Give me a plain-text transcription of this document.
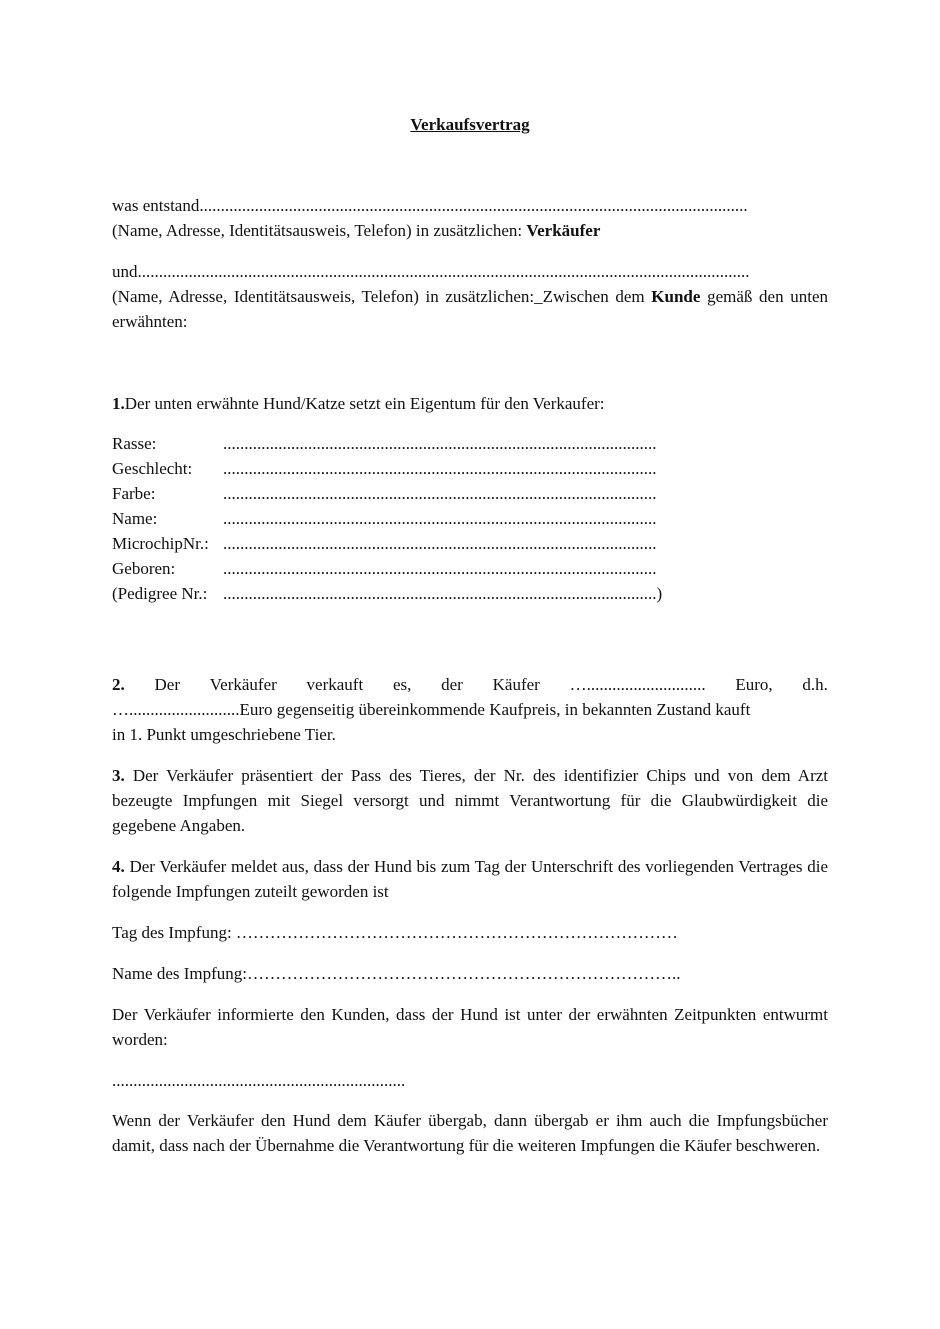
Verkaufsvertrag
was entstand.................................................................................................................................
(Name, Adresse, Identitätsausweis, Telefon) in zusätzlichen: Verkäufer
und................................................................................................................................................
(Name, Adresse, Identitätsausweis, Telefon) in zusätzlichen:_Zwischen dem Kunde gemäß den unten erwähnten:
1.Der unten erwähnte Hund/Katze setzt ein Eigentum für den Verkaufer:
Rasse:	......................................................................................................
Geschlecht:	......................................................................................................
Farbe:	......................................................................................................
Name:	......................................................................................................
MicrochipNr.: ......................................................................................................
Geboren:	......................................................................................................
(Pedigree Nr.: ......................................................................................................)
2. Der Verkäufer verkauft es, der Käufer …............................ Euro, d.h.
…..........................Euro gegenseitig übereinkommende Kaufpreis, in bekannten Zustand kauft
in 1. Punkt umgeschriebene Tier.
3. Der Verkäufer präsentiert der Pass des Tieres, der Nr. des identifizier Chips und von dem Arzt bezeugte Impfungen mit Siegel versorgt und nimmt Verantwortung für die Glaubwürdigkeit die gegebene Angaben.
4. Der Verkäufer meldet aus, dass der Hund bis zum Tag der Unterschrift des vorliegenden Vertrages die folgende Impfungen zuteilt geworden ist
Tag des Impfung: ……………………………………………………………………
Name des Impfung:…………………………………………………………………..
Der Verkäufer informierte den Kunden, dass der Hund ist unter der erwähnten Zeitpunkten entwurmt worden:
.....................................................................
Wenn der Verkäufer den Hund dem Käufer übergab, dann übergab er ihm auch die Impfungsbücher damit, dass nach der Übernahme die Verantwortung für die weiteren Impfungen die Käufer beschweren.
